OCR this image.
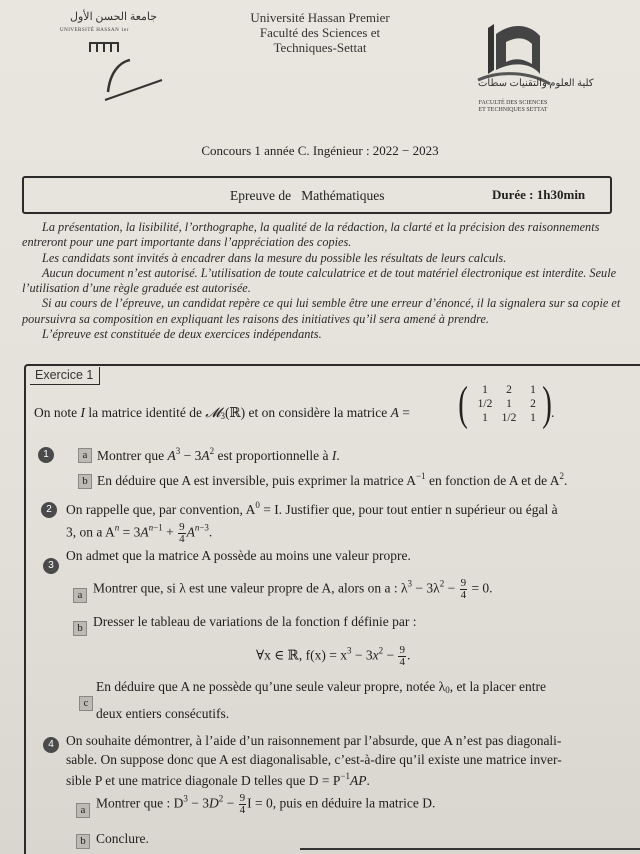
جامعة الحسن الأول
UNIVERSITÉ HASSAN 1er
Université Hassan Premier
Faculté des Sciences et
Techniques-Settat
كلية العلوم والتقنيات سطات
FACULTÉ DES SCIENCES
ET TECHNIQUES SETTAT
Concours 1 année C. Ingénieur : 2022 − 2023
Epreuve de   Mathématiques	Durée : 1h30min

La présentation, la lisibilité, l’orthographe, la qualité de la rédaction, la clarté et la précision des raisonnements entreront pour une part importante dans l’appréciation des copies.

Les candidats sont invités à encadrer dans la mesure du possible les résultats de leurs calculs.

Aucun document n’est autorisé. L’utilisation de toute calculatrice et de tout matériel électronique est interdite. Seule l’utilisation d’une règle graduée est autorisée.

Si au cours de l’épreuve, un candidat repère ce qui lui semble être une erreur d’énoncé, il la signalera sur sa copie et poursuivra sa composition en expliquant les raisons des initiatives qu’il sera amené à prendre.

L’épreuve est constituée de deux exercices indépendants.

Exercice 1
On note I la matrice identité de 𝓜$_3$(ℝ) et on considère la matrice A = (	1	2	1
1/2	1	2
1	1/2	1 ) .
1	a Montrer que $A^3 - 3A^2$ est proportionnelle à I.
b En déduire que A est inversible, puis exprimer la matrice $A^{-1}$ en fonction de A et de $A^2$.
2	On rappelle que, par convention, $A^0 = I$. Justifier que, pour tout entier n supérieur ou égal à
3, on a $A^n = 3A^{n-1} + \frac{9}{4} A^{n-3}$.
3
On admet que la matrice A possède au moins une valeur propre.
a Montrer que, si λ est une valeur propre de A, alors on a : $\lambda^3 - 3\lambda^2 - \frac{9}{4} = 0$.
b Dresser le tableau de variations de la fonction f définie par :
∀x ∈ ℝ, $f(x) = x^3 - 3x^2 - \frac{9}{4}$ .
c
En déduire que A ne possède qu’une seule valeur propre, notée $\lambda_0$, et la placer entre
deux entiers consécutifs.
4 On souhaite démontrer, à l’aide d’un raisonnement par l’absurde, que A n’est pas diagonali-
sable. On suppose donc que A est diagonalisable, c’est-à-dire qu’il existe une matrice inver-
sible P et une matrice diagonale D telles que $D = P^{-1}AP$.
a Montrer que : $D^3 - 3D^2 - \frac{9}{4}$ I = 0, puis en déduire la matrice D.
b Conclure.
